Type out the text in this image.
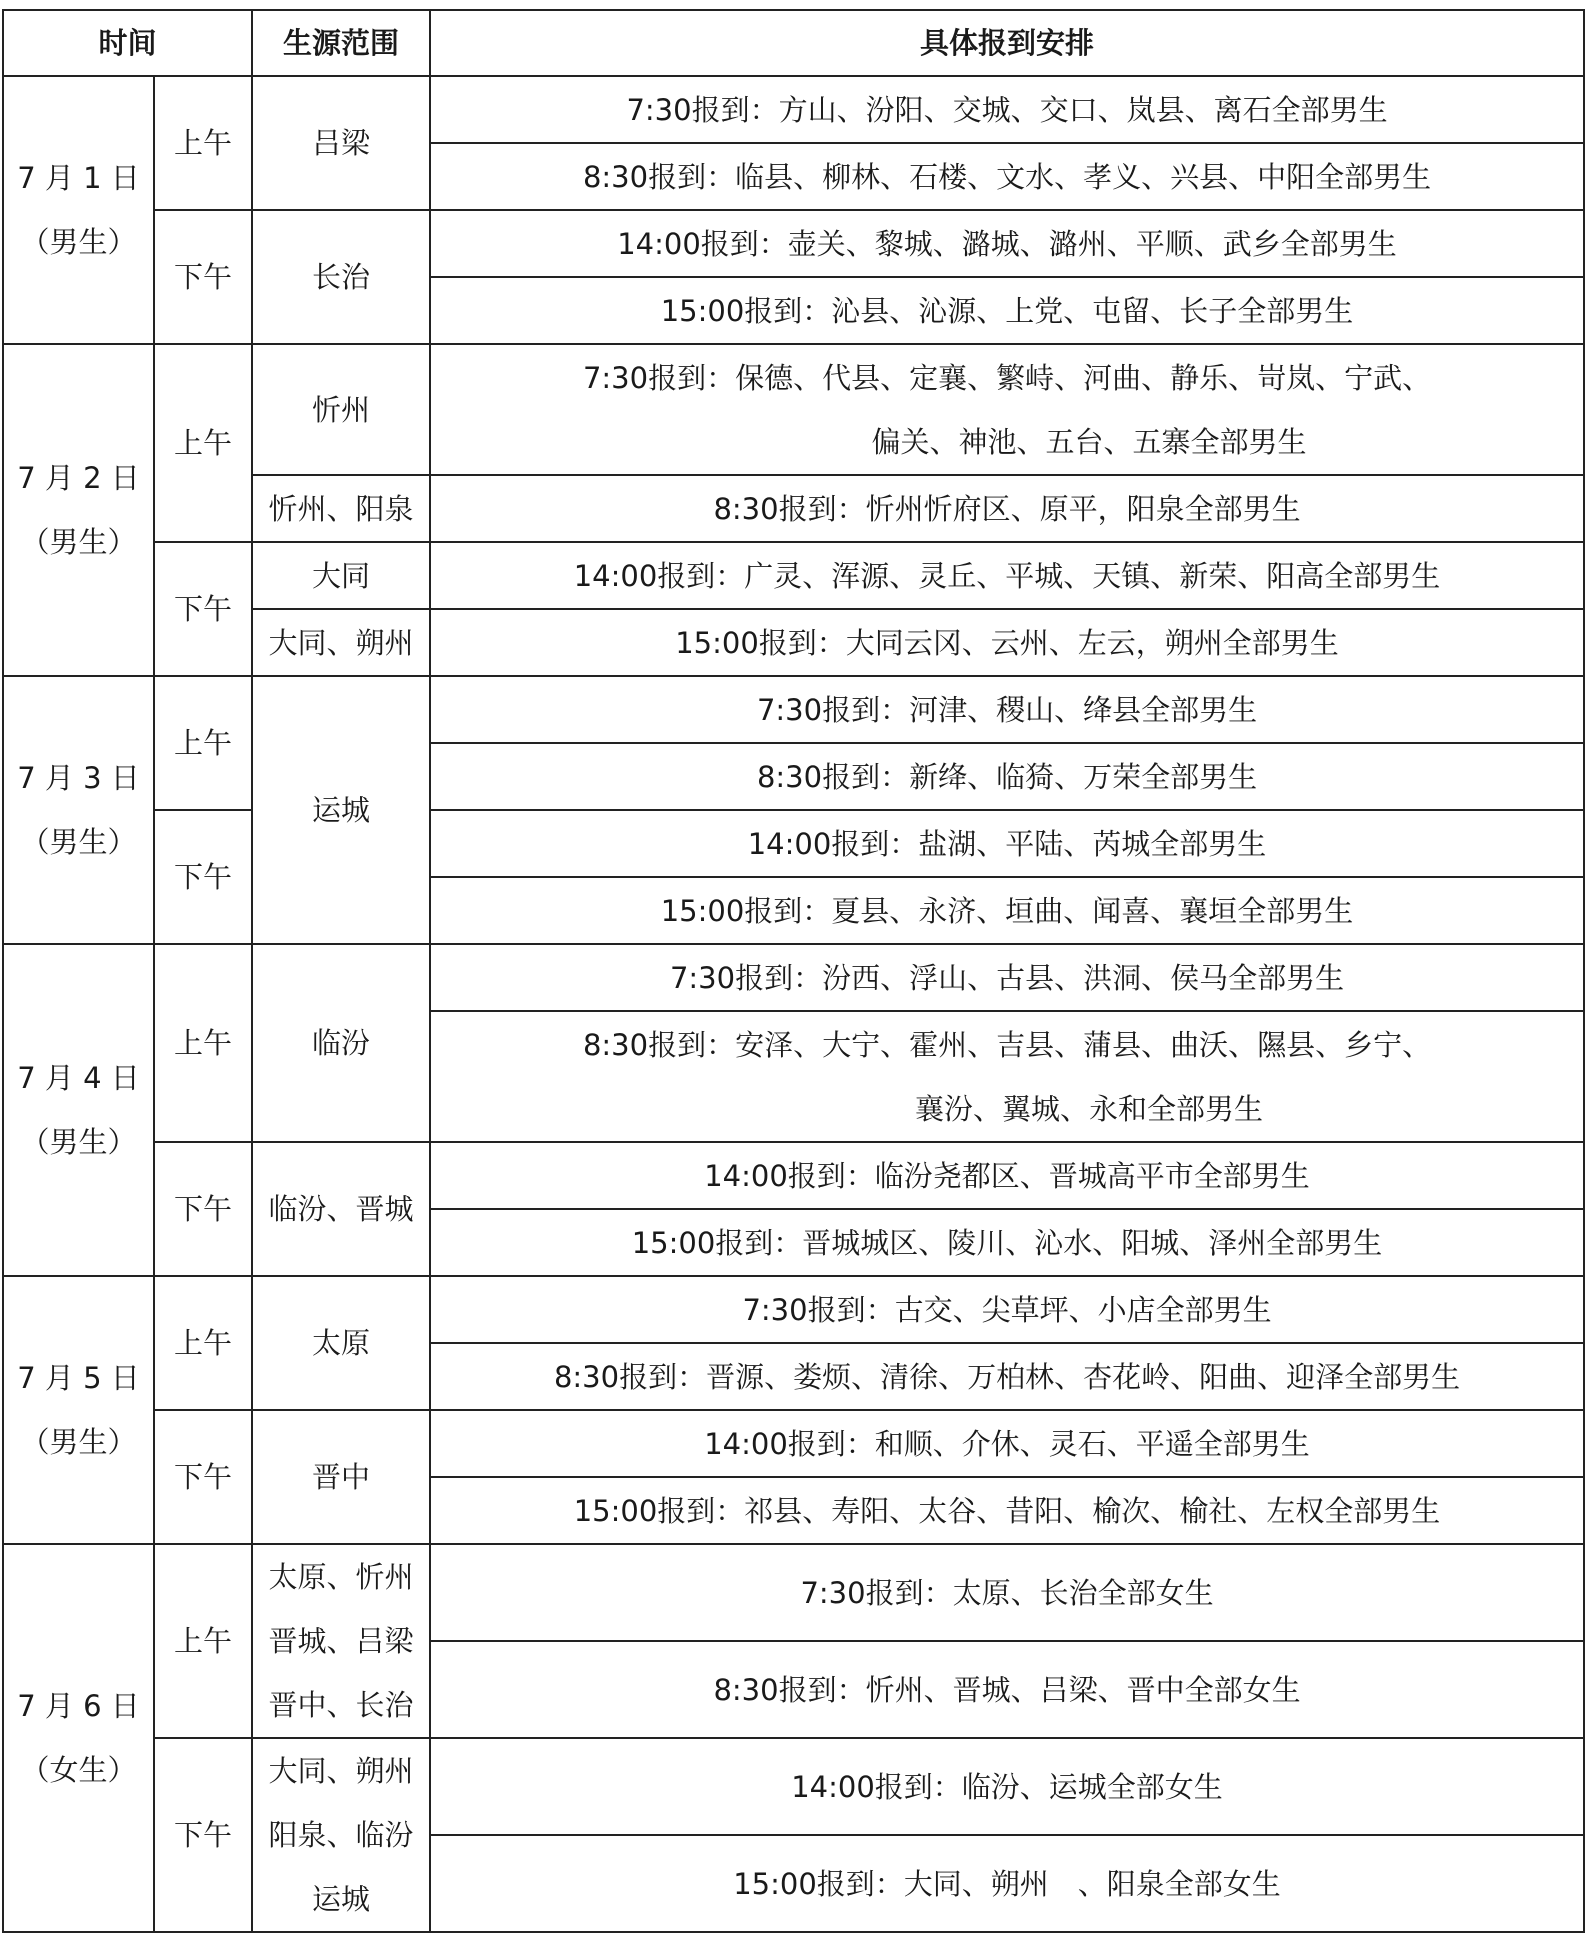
时间		生源范围	具体报到安排

7 月 1 日
（男生）	上午	吕梁	7:30报到：方山、汾阳、交城、交口、岚县、离石全部男生
			8:30报到：临县、柳林、石楼、文水、孝义、兴县、中阳全部男生
	下午	长治	14:00报到：壶关、黎城、潞城、潞州、平顺、武乡全部男生
			15:00报到：沁县、沁源、上党、屯留、长子全部男生

7 月 2 日
（男生）	上午	忻州	7:30报到：保德、代县、定襄、繁峙、河曲、静乐、岢岚、宁武、
偏关、神池、五台、五寨全部男生

		忻州、阳泉	8:30报到：忻州忻府区、原平，阳泉全部男生
	下午	大同	14:00报到：广灵、浑源、灵丘、平城、天镇、新荣、阳高全部男生

		大同、朔州	15:00报到：大同云冈、云州、左云，朔州全部男生

7 月 3 日
（男生）	上午	运城	7:30报到：河津、稷山、绛县全部男生
			8:30报到：新绛、临猗、万荣全部男生
	下午		14:00报到：盐湖、平陆、芮城全部男生
			15:00报到：夏县、永济、垣曲、闻喜、襄垣全部男生

7 月 4 日
（男生）	上午	临汾	7:30报到：汾西、浮山、古县、洪洞、侯马全部男生
			8:30报到：安泽、大宁、霍州、吉县、蒲县、曲沃、隰县、乡宁、
襄汾、翼城、永和全部男生

	下午	临汾、晋城	14:00报到：临汾尧都区、晋城高平市全部男生
			15:00报到：晋城城区、陵川、沁水、阳城、泽州全部男生

7 月 5 日
（男生）	上午	太原	7:30报到：古交、尖草坪、小店全部男生
			8:30报到：晋源、娄烦、清徐、万柏林、杏花岭、阳曲、迎泽全部男生
	下午	晋中	14:00报到：和顺、介休、灵石、平遥全部男生
			15:00报到：祁县、寿阳、太谷、昔阳、榆次、榆社、左权全部男生

7 月 6 日
（女生）	上午	太原、忻州
晋城、吕梁
晋中、长治	7:30报到：太原、长治全部女生
			8:30报到：忻州、晋城、吕梁、晋中全部女生
	下午	大同、朔州
阳泉、临汾
运城	14:00报到：临汾、运城全部女生
			15:00报到：大同、朔州　、阳泉全部女生
